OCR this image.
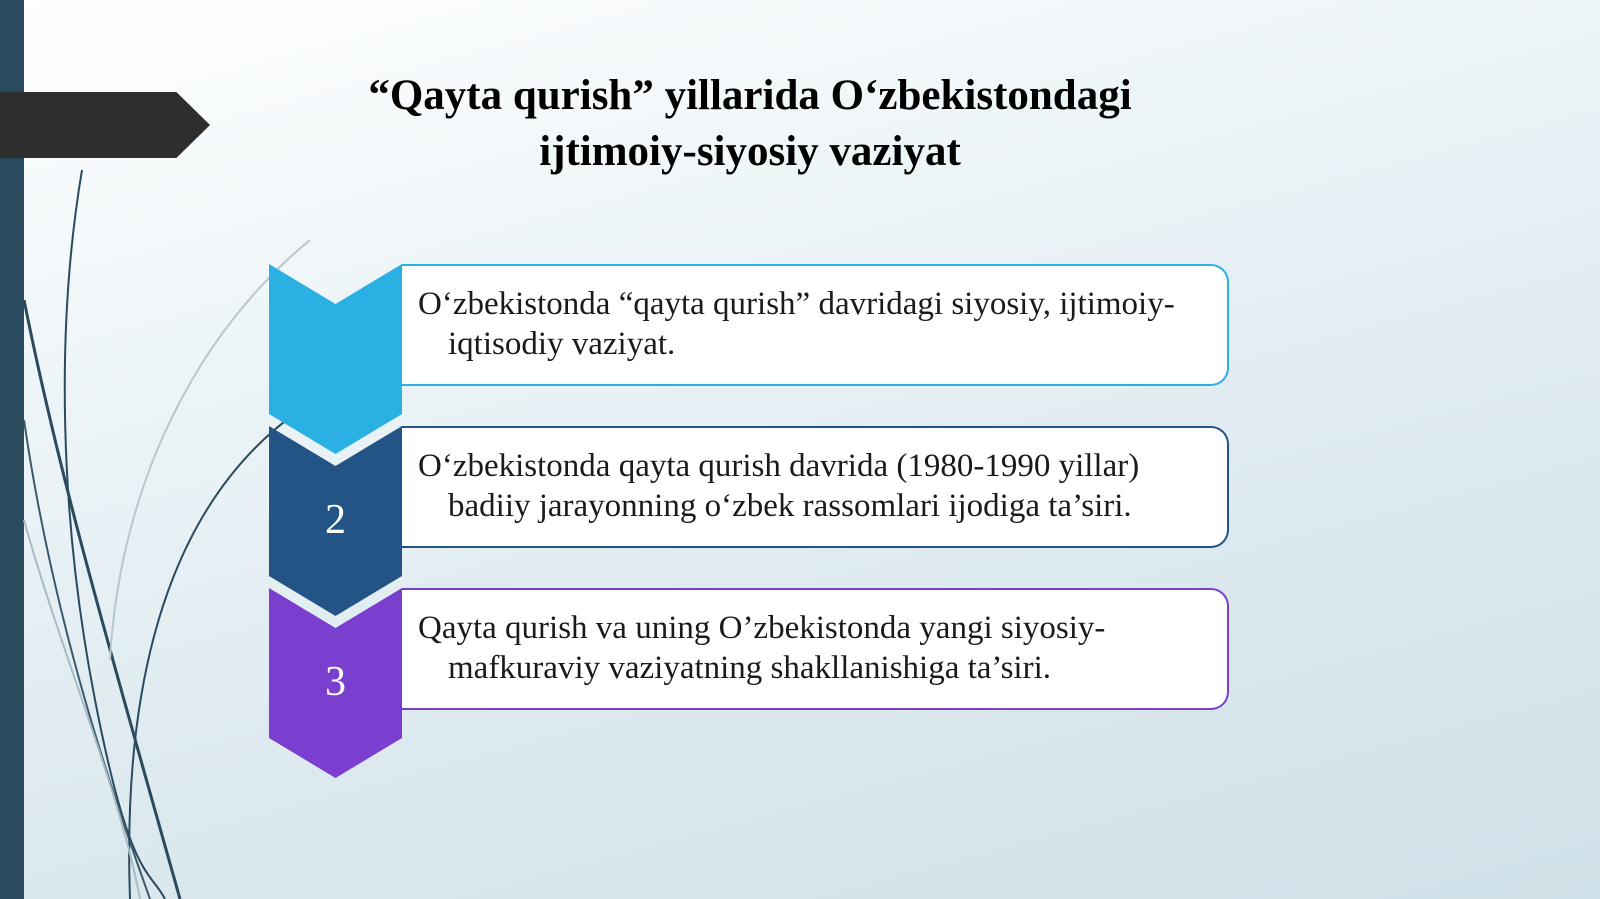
“Qayta qurish” yillarida O‘zbekistondagi
ijtimoiy-siyosiy vaziyat
O‘zbekistonda “qayta qurish” davridagi siyosiy, ijtimoiy-iqtisodiy vaziyat.
2
O‘zbekistonda qayta qurish davrida (1980-1990 yillar) badiiy jarayonning o‘zbek rassomlari ijodiga ta’siri.
3
Qayta qurish va uning O’zbekistonda yangi siyosiy-mafkuraviy vaziyatning shakllanishiga ta’siri.
